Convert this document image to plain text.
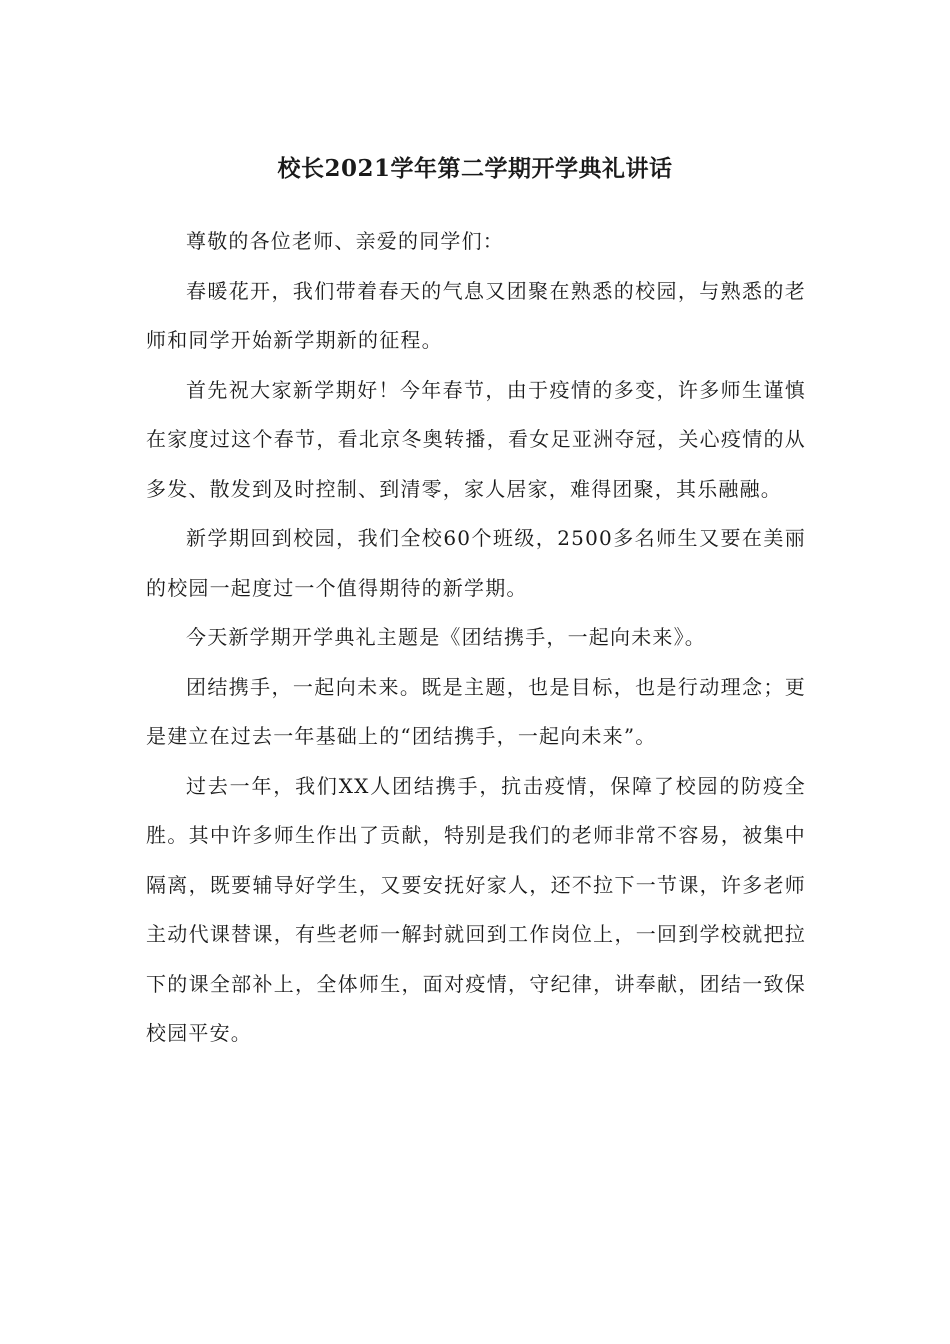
校长2021学年第二学期开学典礼讲话

尊敬的各位老师、亲爱的同学们：

春暖花开，我们带着春天的气息又团聚在熟悉的校园，与熟悉的老师和同学开始新学期新的征程。

首先祝大家新学期好！今年春节，由于疫情的多变，许多师生谨慎在家度过这个春节，看北京冬奥转播，看女足亚洲夺冠，关心疫情的从多发、散发到及时控制、到清零，家人居家，难得团聚，其乐融融。

新学期回到校园，我们全校60个班级，2500多名师生又要在美丽的校园一起度过一个值得期待的新学期。

今天新学期开学典礼主题是《团结携手，一起向未来》。

团结携手，一起向未来。既是主题，也是目标，也是行动理念；更是建立在过去一年基础上的“团结携手，一起向未来”。

过去一年，我们XX人团结携手，抗击疫情，保障了校园的防疫全胜。其中许多师生作出了贡献，特别是我们的老师非常不容易，被集中隔离，既要辅导好学生，又要安抚好家人，还不拉下一节课，许多老师主动代课替课，有些老师一解封就回到工作岗位上，一回到学校就把拉下的课全部补上，全体师生，面对疫情，守纪律，讲奉献，团结一致保校园平安。
